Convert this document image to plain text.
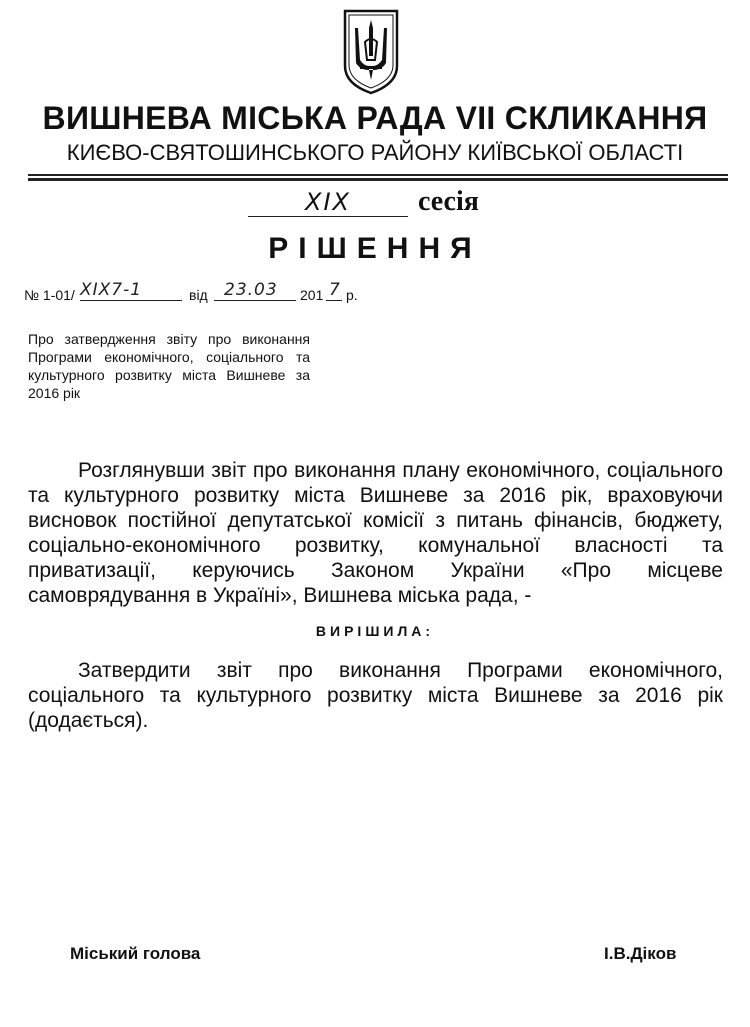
ВИШНЕВА МІСЬКА РАДА VII СКЛИКАННЯ
КИЄВО-СВЯТОШИНСЬКОГО РАЙОНУ КИЇВСЬКОЇ ОБЛАСТІ
XIX	сесія
РІШЕННЯ
№ 1-01/ XIX7-1	від 23.03 201 7 р.
Про затвердження звіту про виконання Програми економічного, соціального та культурного розвитку міста Вишневе за 2016 рік

Розглянувши звіт про виконання плану економічного, соціального та культурного розвитку міста Вишневе за 2016 рік, враховуючи висновок постійної депутатської комісії з питань фінансів, бюджету, соціально-економічного розвитку, комунальної власності та приватизації, керуючись Законом України «Про місцеве самоврядування в Україні», Вишнева міська рада, -

ВИРІШИЛА:

Затвердити звіт про виконання Програми економічного, соціального та культурного розвитку міста Вишневе за 2016 рік (додається).

Міський голова	І.В.Діков
